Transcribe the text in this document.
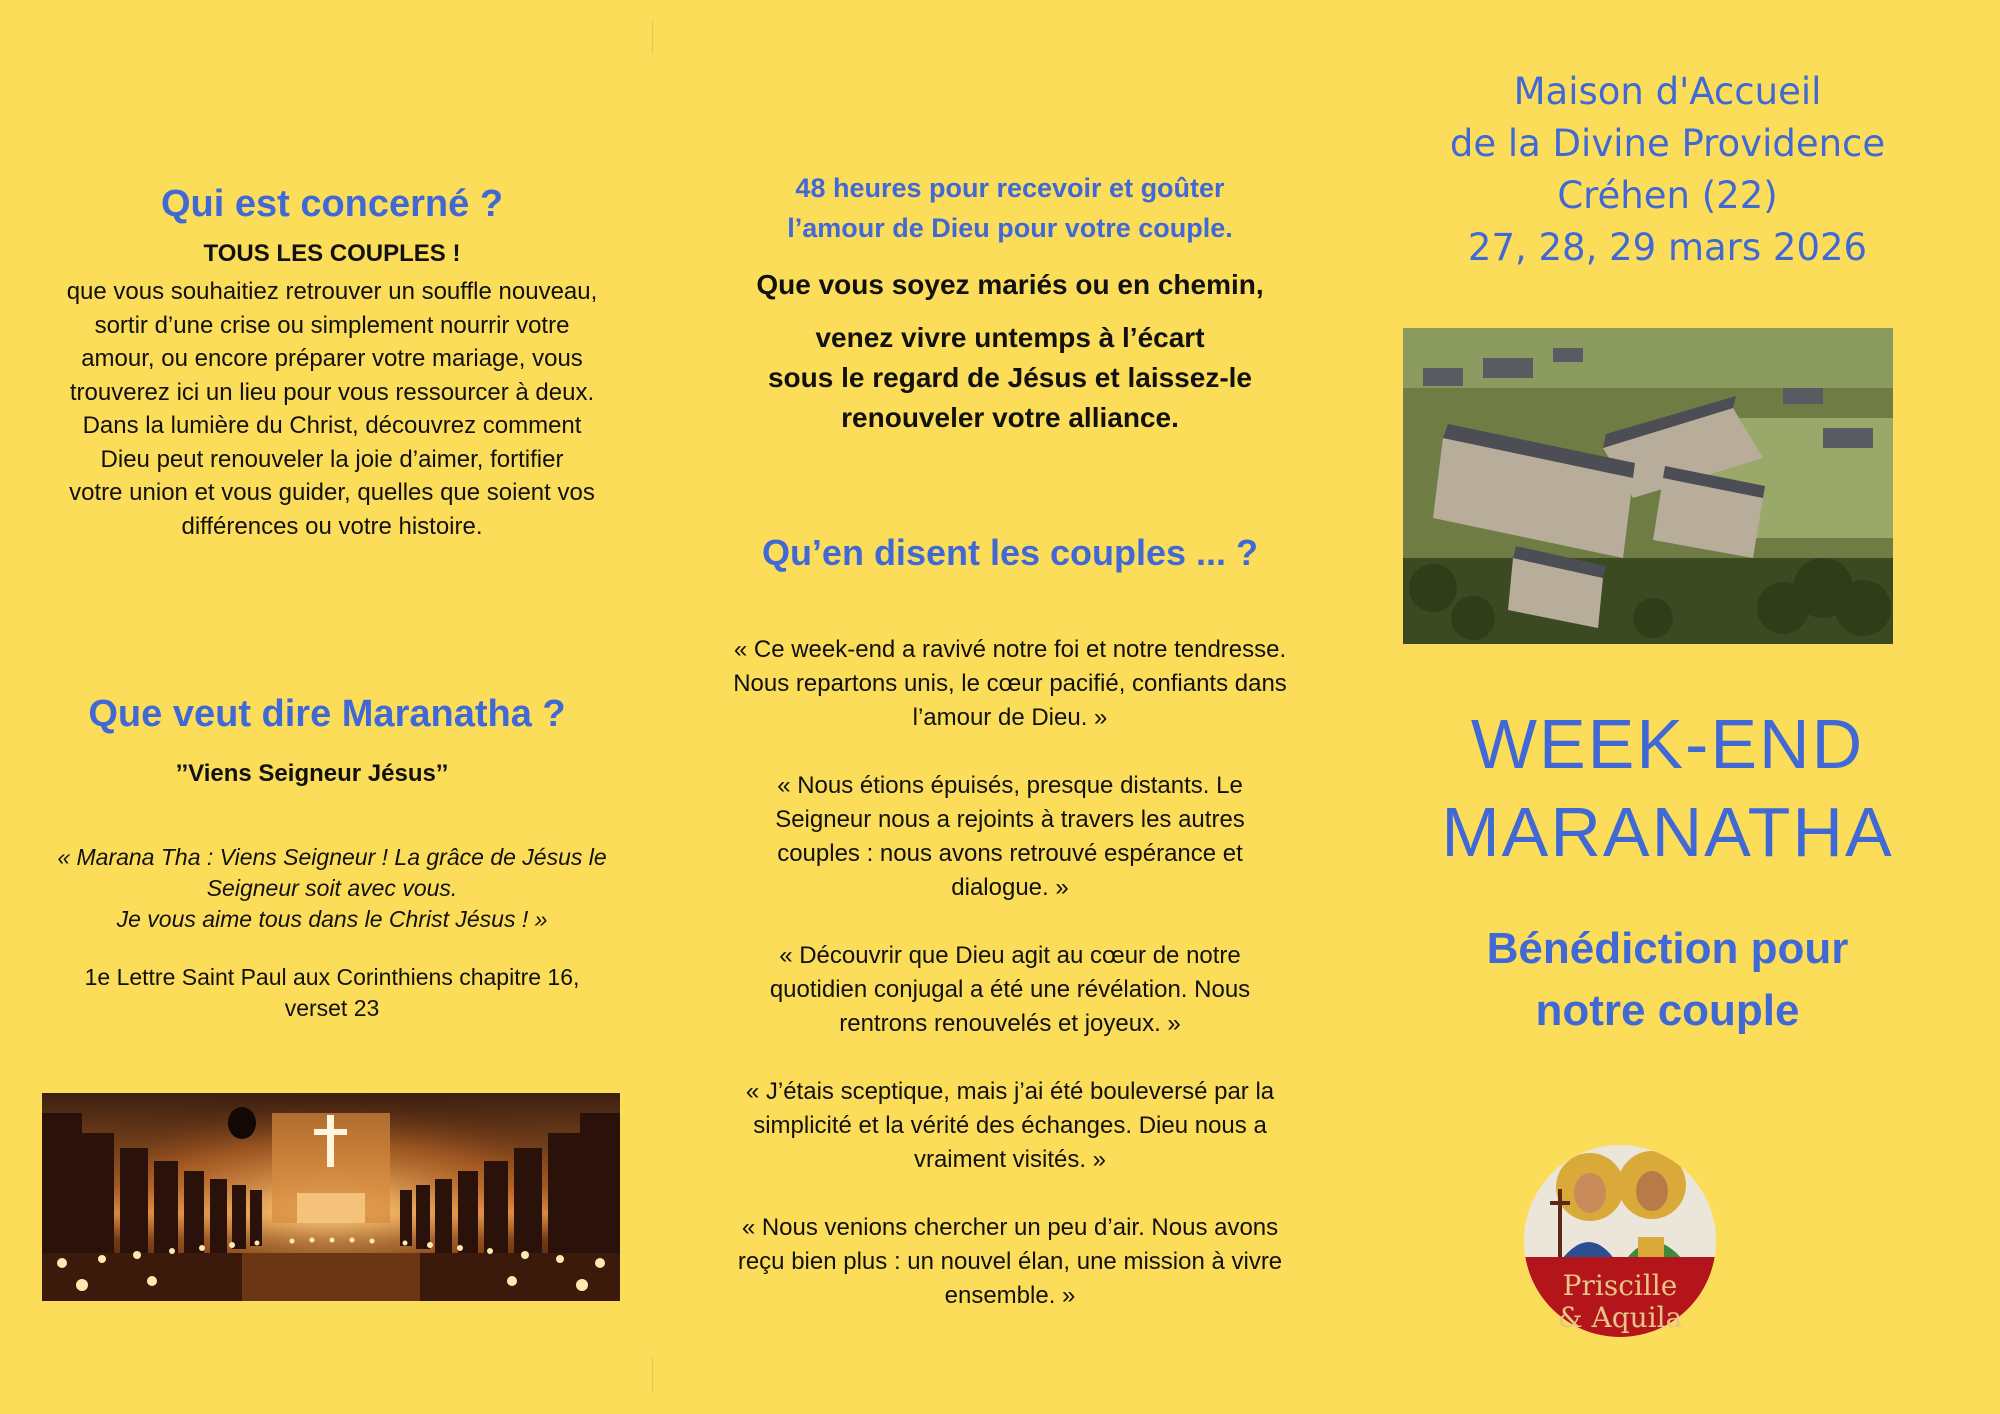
Qui est concerné ?
TOUS LES COUPLES !

que vous souhaitiez retrouver un souffle nouveau,

sortir d’une crise ou simplement nourrir votre

amour, ou encore préparer votre mariage, vous

trouverez ici un lieu pour vous ressourcer à deux.

Dans la lumière du Christ, découvrez comment

Dieu peut renouveler la joie d’aimer, fortifier

votre union et vous guider, quelles que soient vos

différences ou votre histoire.

Que veut dire Maranatha ?
’’Viens Seigneur Jésus’’
« Marana Tha : Viens Seigneur ! La grâce de Jésus le
Seigneur soit avec vous.
Je vous aime tous dans le Christ Jésus ! »
1e Lettre Saint Paul aux Corinthiens chapitre 16,
verset 23
48 heures pour recevoir et goûter
l’amour de Dieu pour votre couple.
Que vous soyez mariés ou en chemin,
venez vivre untemps à l’écart
sous le regard de Jésus et laissez-le
renouveler votre alliance.
Qu’en disent les couples ... ?

« Ce week-end a ravivé notre foi et notre tendresse.
Nous repartons unis, le cœur pacifié, confiants dans
l’amour de Dieu. »

« Nous étions épuisés, presque distants. Le
Seigneur nous a rejoints à travers les autres
couples : nous avons retrouvé espérance et
dialogue. »

« Découvrir que Dieu agit au cœur de notre
quotidien conjugal a été une révélation. Nous
rentrons renouvelés et joyeux. »

« J’étais sceptique, mais j’ai été bouleversé par la
simplicité et la vérité des échanges. Dieu nous a
vraiment visités. »

« Nous venions chercher un peu d’air. Nous avons
reçu bien plus : un nouvel élan, une mission à vivre
ensemble. »

Maison d'Accueil
de la Divine Providence
Créhen (22)
27, 28, 29 mars 2026
WEEK-END
MARANATHA
Bénédiction pour
notre couple
Priscille
& Aquila
